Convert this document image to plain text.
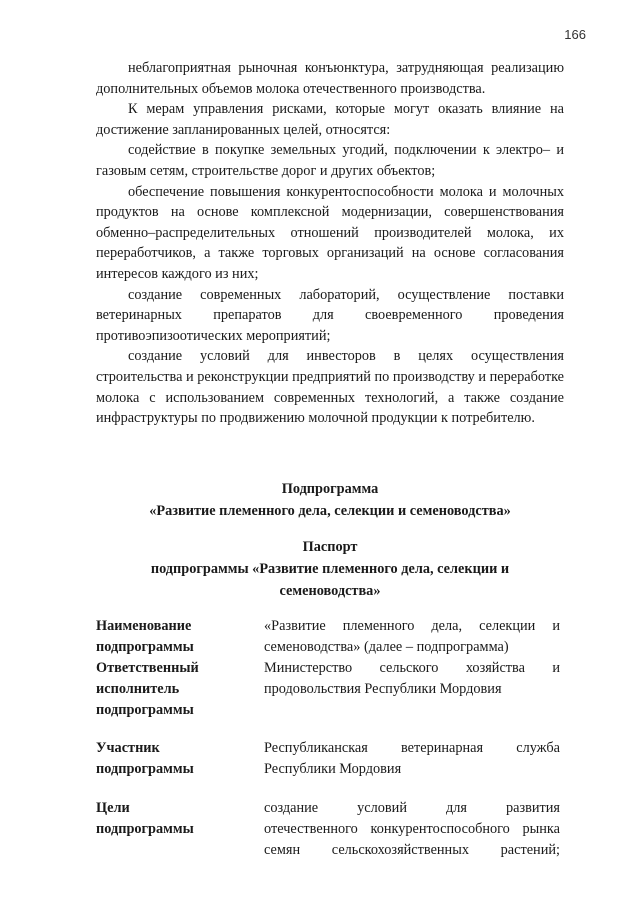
166

неблагоприятная рыночная конъюнктура, затрудняющая реализацию дополнительных объемов молока отечественного производства.

К мерам управления рисками, которые могут оказать влияние на достижение запланированных целей, относятся:

содействие в покупке земельных угодий, подключении к электро– и газовым сетям, строительстве дорог и других объектов;

обеспечение повышения конкурентоспособности молока и молочных продуктов на основе комплексной модернизации, совершенствования обменно–распределительных отношений производителей молока, их переработчиков, а также торговых организаций на основе согласования интересов каждого из них;

создание современных лабораторий, осуществление поставки ветеринарных препаратов для своевременного проведения противоэпизоотических мероприятий;

создание условий для инвесторов в целях осуществления строительства и реконструкции предприятий по производству и переработке молока с использованием современных технологий, а также создание инфраструктуры по продвижению молочной продукции к потребителю.

Подпрограмма
«Развитие племенного дела, селекции и семеноводства»
Паспорт
подпрограммы «Развитие племенного дела, селекции и
семеноводства»
Наименование
подпрограммы
«Развитие племенного дела, селекции и
семеноводства» (далее – подпрограмма)
Ответственный
исполнитель
подпрограммы
Министерство сельского хозяйства и
продовольствия Республики Мордовия
Участник
подпрограммы
Республиканская ветеринарная служба
Республики Мордовия
Цели
подпрограммы
создание условий для развития
отечественного конкурентоспособного рынка
семян сельскохозяйственных растений;
